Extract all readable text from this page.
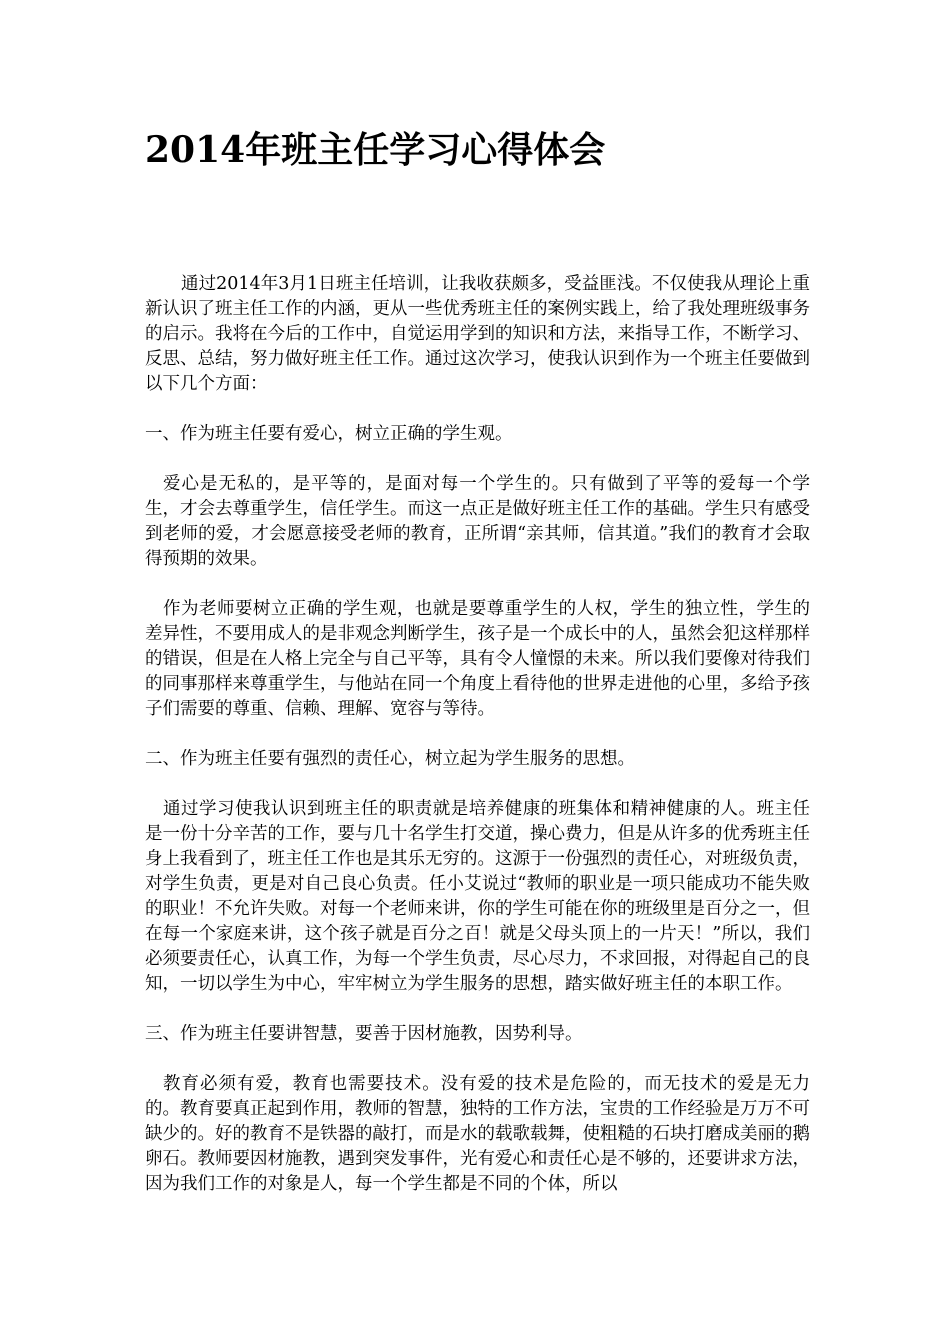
2014年班主任学习心得体会

通过2014年3月1日班主任培训，让我收获颇多，受益匪浅。不仅使我从理论上重新认识了班主任工作的内涵，更从一些优秀班主任的案例实践上，给了我处理班级事务的启示。我将在今后的工作中，自觉运用学到的知识和方法，来指导工作，不断学习、反思、总结，努力做好班主任工作。通过这次学习，使我认识到作为一个班主任要做到以下几个方面：

一、作为班主任要有爱心，树立正确的学生观。

爱心是无私的，是平等的，是面对每一个学生的。只有做到了平等的爱每一个学生，才会去尊重学生，信任学生。而这一点正是做好班主任工作的基础。学生只有感受到老师的爱，才会愿意接受老师的教育，正所谓“亲其师，信其道。”我们的教育才会取得预期的效果。

作为老师要树立正确的学生观，也就是要尊重学生的人权，学生的独立性，学生的差异性，不要用成人的是非观念判断学生，孩子是一个成长中的人，虽然会犯这样那样的错误，但是在人格上完全与自己平等，具有令人憧憬的未来。所以我们要像对待我们的同事那样来尊重学生，与他站在同一个角度上看待他的世界走进他的心里，多给予孩子们需要的尊重、信赖、理解、宽容与等待。

二、作为班主任要有强烈的责任心，树立起为学生服务的思想。

通过学习使我认识到班主任的职责就是培养健康的班集体和精神健康的人。班主任是一份十分辛苦的工作，要与几十名学生打交道，操心费力，但是从许多的优秀班主任身上我看到了，班主任工作也是其乐无穷的。这源于一份强烈的责任心，对班级负责，对学生负责，更是对自己良心负责。任小艾说过“教师的职业是一项只能成功不能失败的职业！不允许失败。对每一个老师来讲，你的学生可能在你的班级里是百分之一，但在每一个家庭来讲，这个孩子就是百分之百！就是父母头顶上的一片天！”所以，我们必须要责任心，认真工作，为每一个学生负责，尽心尽力，不求回报，对得起自己的良知，一切以学生为中心，牢牢树立为学生服务的思想，踏实做好班主任的本职工作。

三、作为班主任要讲智慧，要善于因材施教，因势利导。

教育必须有爱，教育也需要技术。没有爱的技术是危险的，而无技术的爱是无力的。教育要真正起到作用，教师的智慧，独特的工作方法，宝贵的工作经验是万万不可缺少的。好的教育不是铁器的敲打，而是水的载歌载舞，使粗糙的石块打磨成美丽的鹅卵石。教师要因材施教，遇到突发事件，光有爱心和责任心是不够的，还要讲求方法，因为我们工作的对象是人，每一个学生都是不同的个体，所以
